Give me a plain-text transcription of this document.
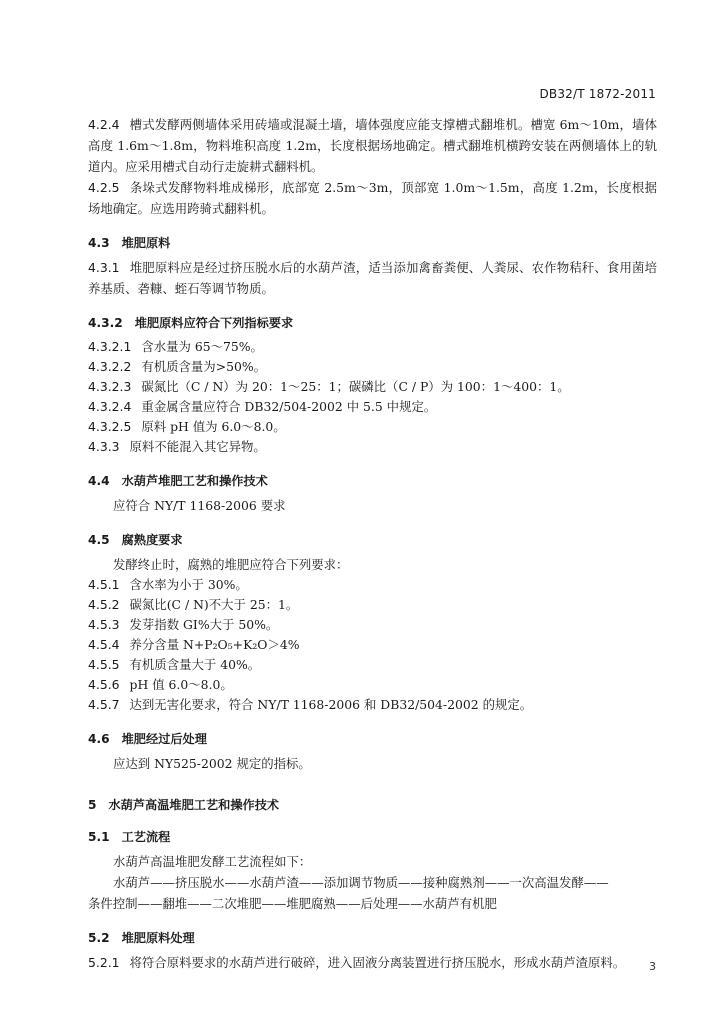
DB32/T 1872-2011

4.2.4 槽式发酵两侧墙体采用砖墙或混凝土墙，墙体强度应能支撑槽式翻堆机。槽宽 6m～10m，墙体高度 1.6m～1.8m，物料堆积高度 1.2m，长度根据场地确定。槽式翻堆机横跨安装在两侧墙体上的轨道内。应采用槽式自动行走旋耕式翻料机。

4.2.5 条垛式发酵物料堆成梯形，底部宽 2.5m～3m，顶部宽 1.0m～1.5m，高度 1.2m，长度根据场地确定。应选用跨骑式翻料机。

4.3 堆肥原料

4.3.1 堆肥原料应是经过挤压脱水后的水葫芦渣，适当添加禽畜粪便、人粪尿、农作物秸秆、食用菌培养基质、砻糠、蛭石等调节物质。

4.3.2 堆肥原料应符合下列指标要求

4.3.2.1 含水量为 65～75%。

4.3.2.2 有机质含量为>50%。

4.3.2.3 碳氮比（C / N）为 20：1～25：1；碳磷比（C / P）为 100：1～400：1。

4.3.2.4 重金属含量应符合 DB32/504-2002 中 5.5 中规定。

4.3.2.5 原料 pH 值为 6.0～8.0。

4.3.3 原料不能混入其它异物。

4.4 水葫芦堆肥工艺和操作技术

应符合 NY/T 1168-2006 要求

4.5 腐熟度要求

发酵终止时，腐熟的堆肥应符合下列要求：

4.5.1 含水率为小于 30%。

4.5.2 碳氮比(C / N)不大于 25：1。

4.5.3 发芽指数 GI%大于 50%。

4.5.4 养分含量 N+P₂O₅+K₂O＞4%

4.5.5 有机质含量大于 40%。

4.5.6 pH 值 6.0～8.0。

4.5.7 达到无害化要求，符合 NY/T 1168-2006 和 DB32/504-2002 的规定。

4.6 堆肥经过后处理

应达到 NY525-2002 规定的指标。

5 水葫芦高温堆肥工艺和操作技术
5.1 工艺流程

水葫芦高温堆肥发酵工艺流程如下：

水葫芦——挤压脱水——水葫芦渣——添加调节物质——接种腐熟剂——一次高温发酵——

条件控制——翻堆——二次堆肥——堆肥腐熟——后处理——水葫芦有机肥

5.2 堆肥原料处理

5.2.1 将符合原料要求的水葫芦进行破碎，进入固液分离装置进行挤压脱水，形成水葫芦渣原料。	3
